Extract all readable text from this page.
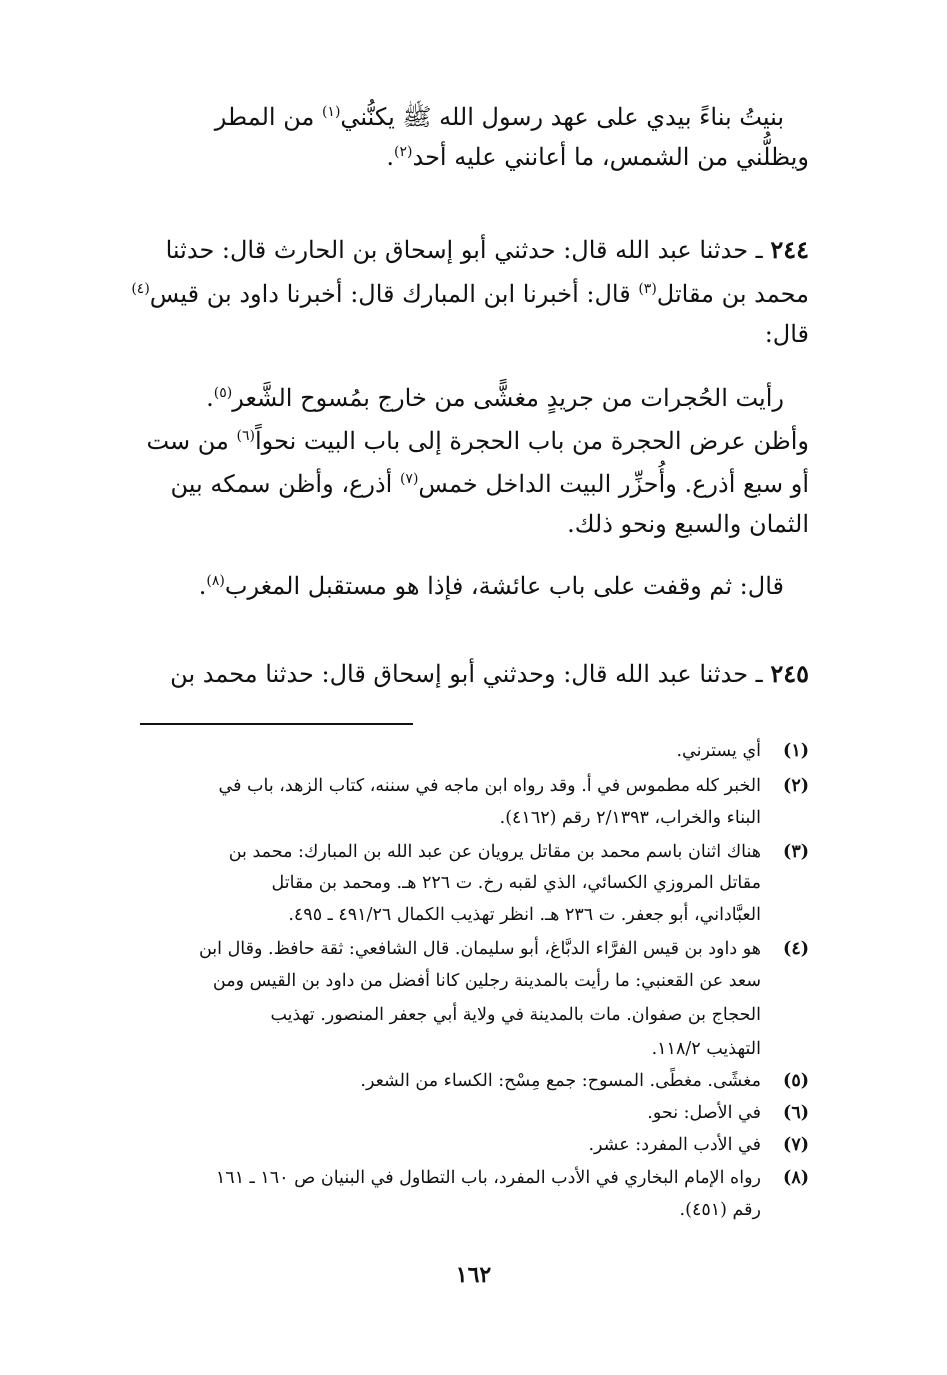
بنيتُ بناءً بيدي على عهد رسول الله ﷺ يكنُّني$^{(١)}$ من المطر

ويظلُّني من الشمس، ما أعانني عليه أحد$^{(٢)}$.

٢٤٤ ـ حدثنا عبد الله قال: حدثني أبو إسحاق بن الحارث قال: حدثنا

محمد بن مقاتل$^{(٣)}$ قال: أخبرنا ابن المبارك قال: أخبرنا داود بن قيس$^{(٤)}$

قال:

رأيت الحُجرات من جريدٍ مغشًّى من خارج بمُسوح الشَّعر$^{(٥)}$.

وأظن عرض الحجرة من باب الحجرة إلى باب البيت نحواً$^{(٦)}$ من ست

أو سبع أذرع. وأُحزِّر البيت الداخل خمس$^{(٧)}$ أذرع، وأظن سمكه بين

الثمان والسبع ونحو ذلك.

قال: ثم وقفت على باب عائشة، فإذا هو مستقبل المغرب$^{(٨)}$.

٢٤٥ ـ حدثنا عبد الله قال: وحدثني أبو إسحاق قال: حدثنا محمد بن

(١)
أي يسترني.
(٢)
الخبر كله مطموس في أ. وقد رواه ابن ماجه في سننه، كتاب الزهد، باب في
البناء والخراب، ٢/١٣٩٣ رقم (٤١٦٢).
(٣)
هناك اثنان باسم محمد بن مقاتل يرويان عن عبد الله بن المبارك: محمد بن
مقاتل المروزي الكسائي، الذي لقبه رخ. ت ٢٢٦ هـ. ومحمد بن مقاتل
العبَّاداني، أبو جعفر. ت ٢٣٦ هـ. انظر تهذيب الكمال ٤٩١/٢٦ ـ ٤٩٥.
(٤)
هو داود بن قيس الفرَّاء الدبَّاغ، أبو سليمان. قال الشافعي: ثقة حافظ. وقال ابن
سعد عن القعنبي: ما رأيت بالمدينة رجلين كانا أفضل من داود بن القيس ومن
الحجاج بن صفوان. مات بالمدينة في ولاية أبي جعفر المنصور. تهذيب
التهذيب ١١٨/٢.
(٥)
مغشًى. مغطًى. المسوح: جمع مِسْح: الكساء من الشعر.
(٦)
في الأصل: نحو.
(٧)
في الأدب المفرد: عشر.
(٨)
رواه الإمام البخاري في الأدب المفرد، باب التطاول في البنيان ص ١٦٠ ـ ١٦١
رقم (٤٥١).
١٦٢
